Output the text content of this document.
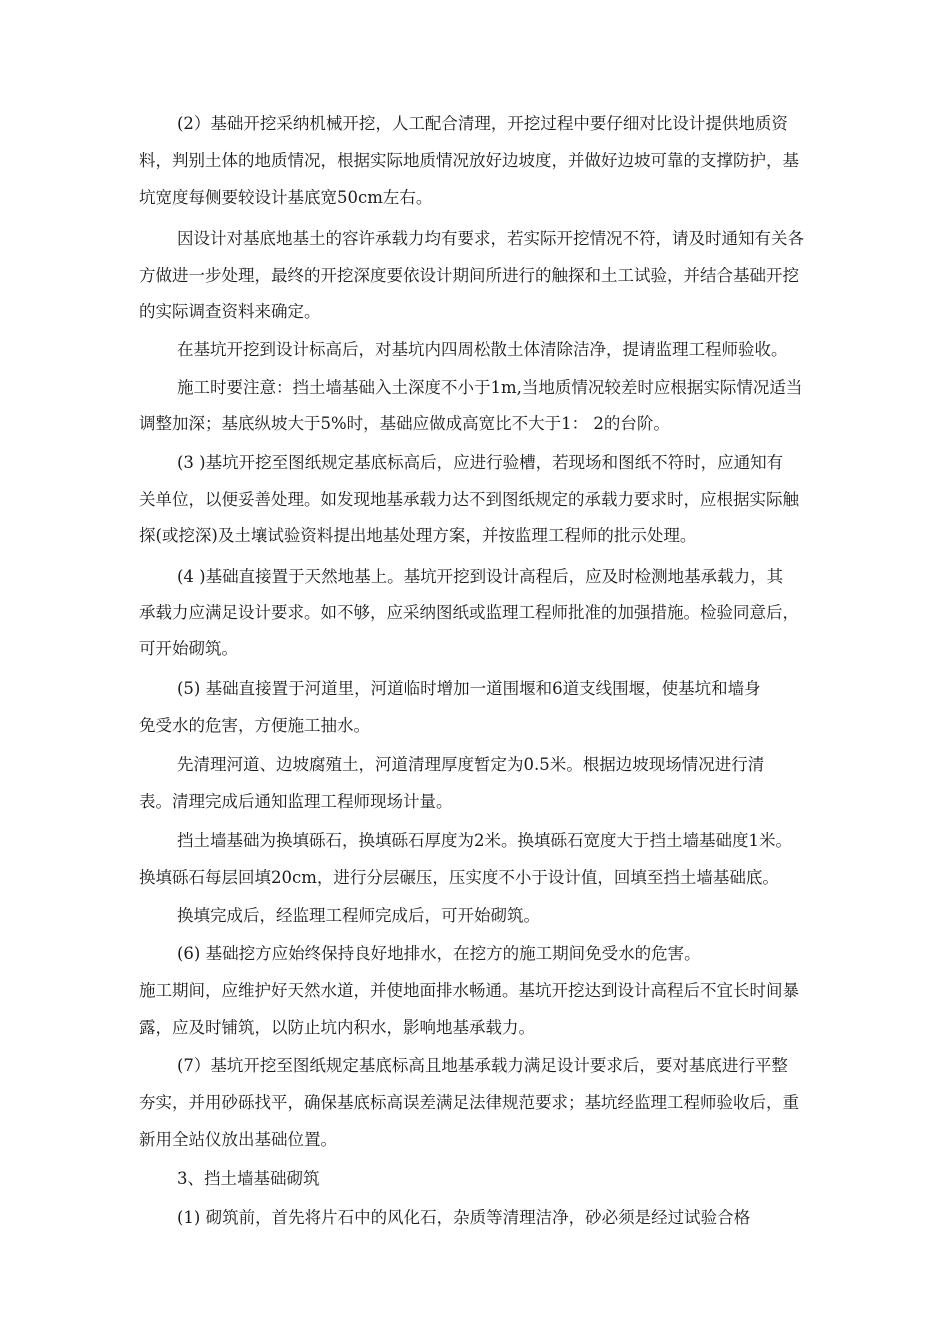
(2）基础开挖采纳机械开挖，人工配合清理，开挖过程中要仔细对比设计提供地质资
料，判别土体的地质情况，根据实际地质情况放好边坡度，并做好边坡可靠的支撑防护，基
坑宽度每侧要较设计基底宽50cm左右。
因设计对基底地基土的容许承载力均有要求，若实际开挖情况不符，请及时通知有关各
方做进一步处理，最终的开挖深度要依设计期间所进行的触探和土工试验，并结合基础开挖
的实际调查资料来确定。
在基坑开挖到设计标高后，对基坑内四周松散土体清除洁净，提请监理工程师验收。
施工时要注意：挡土墙基础入土深度不小于1m,当地质情况较差时应根据实际情况适当
调整加深；基底纵坡大于5%时，基础应做成高宽比不大于1： 2的台阶。
(3 )基坑开挖至图纸规定基底标高后，应进行验槽，若现场和图纸不符时，应通知有
关单位，以便妥善处理。如发现地基承载力达不到图纸规定的承载力要求时，应根据实际触
探(或挖深)及土壤试验资料提出地基处理方案，并按监理工程师的批示处理。
(4 )基础直接置于天然地基上。基坑开挖到设计高程后，应及时检测地基承载力，其
承载力应满足设计要求。如不够，应采纳图纸或监理工程师批准的加强措施。检验同意后，
可开始砌筑。
(5) 基础直接置于河道里，河道临时增加一道围堰和6道支线围堰，使基坑和墙身
免受水的危害，方便施工抽水。
先清理河道、边坡腐殖土，河道清理厚度暂定为0.5米。根据边坡现场情况进行清
表。清理完成后通知监理工程师现场计量。
挡土墙基础为换填砾石，换填砾石厚度为2米。换填砾石宽度大于挡土墙基础度1米。
换填砾石每层回填20cm，进行分层碾压，压实度不小于设计值，回填至挡土墙基础底。
换填完成后，经监理工程师完成后，可开始砌筑。
(6) 基础挖方应始终保持良好地排水，在挖方的施工期间免受水的危害。
施工期间，应维护好天然水道，并使地面排水畅通。基坑开挖达到设计高程后不宜长时间暴
露，应及时铺筑，以防止坑内积水，影响地基承载力。
(7）基坑开挖至图纸规定基底标高且地基承载力满足设计要求后，要对基底进行平整
夯实，并用砂砾找平，确保基底标高误差满足法律规范要求；基坑经监理工程师验收后，重
新用全站仪放出基础位置。
3、挡土墙基础砌筑
(1) 砌筑前，首先将片石中的风化石，杂质等清理洁净，砂必须是经过试验合格
